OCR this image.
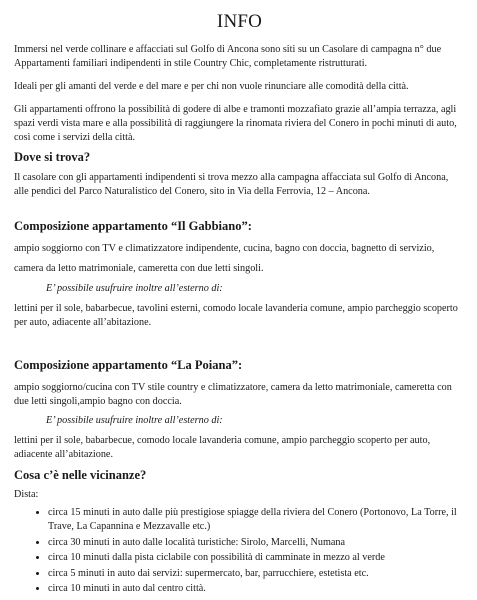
INFO

Immersi nel verde collinare e affacciati sul Golfo di Ancona sono siti su un Casolare di campagna n° due Appartamenti familiari indipendenti in stile Country Chic, completamente ristrutturati.

Ideali per gli amanti del verde e del mare e per chi non vuole rinunciare alle comodità della città.

Gli appartamenti offrono la possibilità di godere di albe e tramonti mozzafiato grazie all’ampia terrazza, agli spazi verdi vista mare e alla possibilità di raggiungere la rinomata riviera del Conero in pochi minuti di auto, così come i servizi della città.

Dove si trova?

Il casolare con gli appartamenti indipendenti si trova mezzo alla campagna affacciata sul Golfo di Ancona, alle pendici del Parco Naturalistico del Conero, sito in Via della Ferrovia, 12 – Ancona.

Composizione appartamento “Il Gabbiano”:

ampio soggiorno con TV e climatizzatore indipendente, cucina, bagno con doccia, bagnetto di servizio,

camera da letto matrimoniale, cameretta con due letti singoli.

E’ possibile usufruire inoltre all’esterno di:

lettini per il sole, babarbecue, tavolini esterni, comodo locale lavanderia comune, ampio parcheggio scoperto per auto, adiacente all’abitazione.

Composizione appartamento “La Poiana”:

ampio soggiorno/cucina con TV stile country e climatizzatore, camera da letto matrimoniale, cameretta con due letti singoli,ampio bagno con doccia.

E’ possibile usufruire inoltre all’esterno di:

lettini per il sole, babarbecue, comodo locale lavanderia comune, ampio parcheggio scoperto per auto, adiacente all’abitazione.

Cosa c’è nelle vicinanze?

Dista:

• circa 15 minuti in auto dalle più prestigiose spiagge della riviera del Conero (Portonovo, La Torre, il Trave, La Capannina e Mezzavalle etc.)
• circa 30 minuti in auto dalle località turistiche: Sirolo, Marcelli, Numana
• circa 10 minuti dalla pista ciclabile con possibilità di camminate in mezzo al verde
• circa 5 minuti in auto dai servizi: supermercato, bar, parrucchiere, estetista etc.
• circa 10 minuti in auto dal centro città.
